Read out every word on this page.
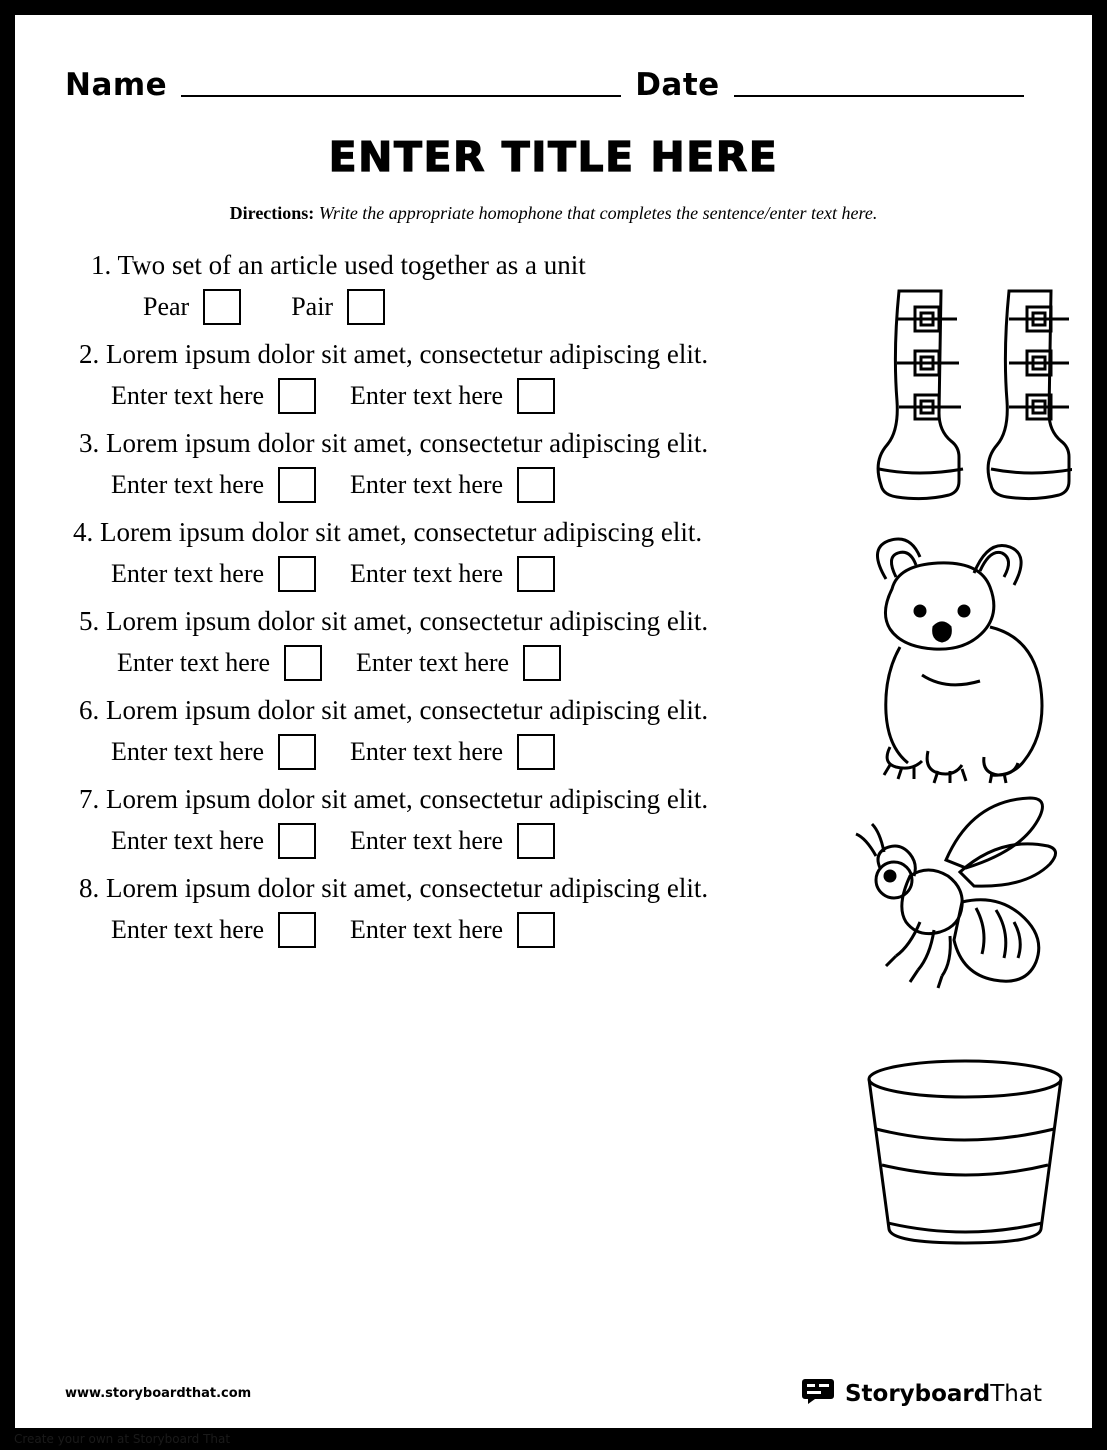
Name	Date
ENTER TITLE HERE
Directions: Write the appropriate homophone that completes the sentence/enter text here.
1. Two set of an article used together as a unit
Pear	Pair
2. Lorem ipsum dolor sit amet, consectetur adipiscing elit.
Enter text here	Enter text here
3. Lorem ipsum dolor sit amet, consectetur adipiscing elit.
Enter text here	Enter text here
4. Lorem ipsum dolor sit amet, consectetur adipiscing elit.
Enter text here	Enter text here
5. Lorem ipsum dolor sit amet, consectetur adipiscing elit.
Enter text here	Enter text here
6. Lorem ipsum dolor sit amet, consectetur adipiscing elit.
Enter text here	Enter text here
7. Lorem ipsum dolor sit amet, consectetur adipiscing elit.
Enter text here	Enter text here
8. Lorem ipsum dolor sit amet, consectetur adipiscing elit.
Enter text here	Enter text here
www.storyboardthat.com	StoryboardThat
Create your own at Storyboard That
